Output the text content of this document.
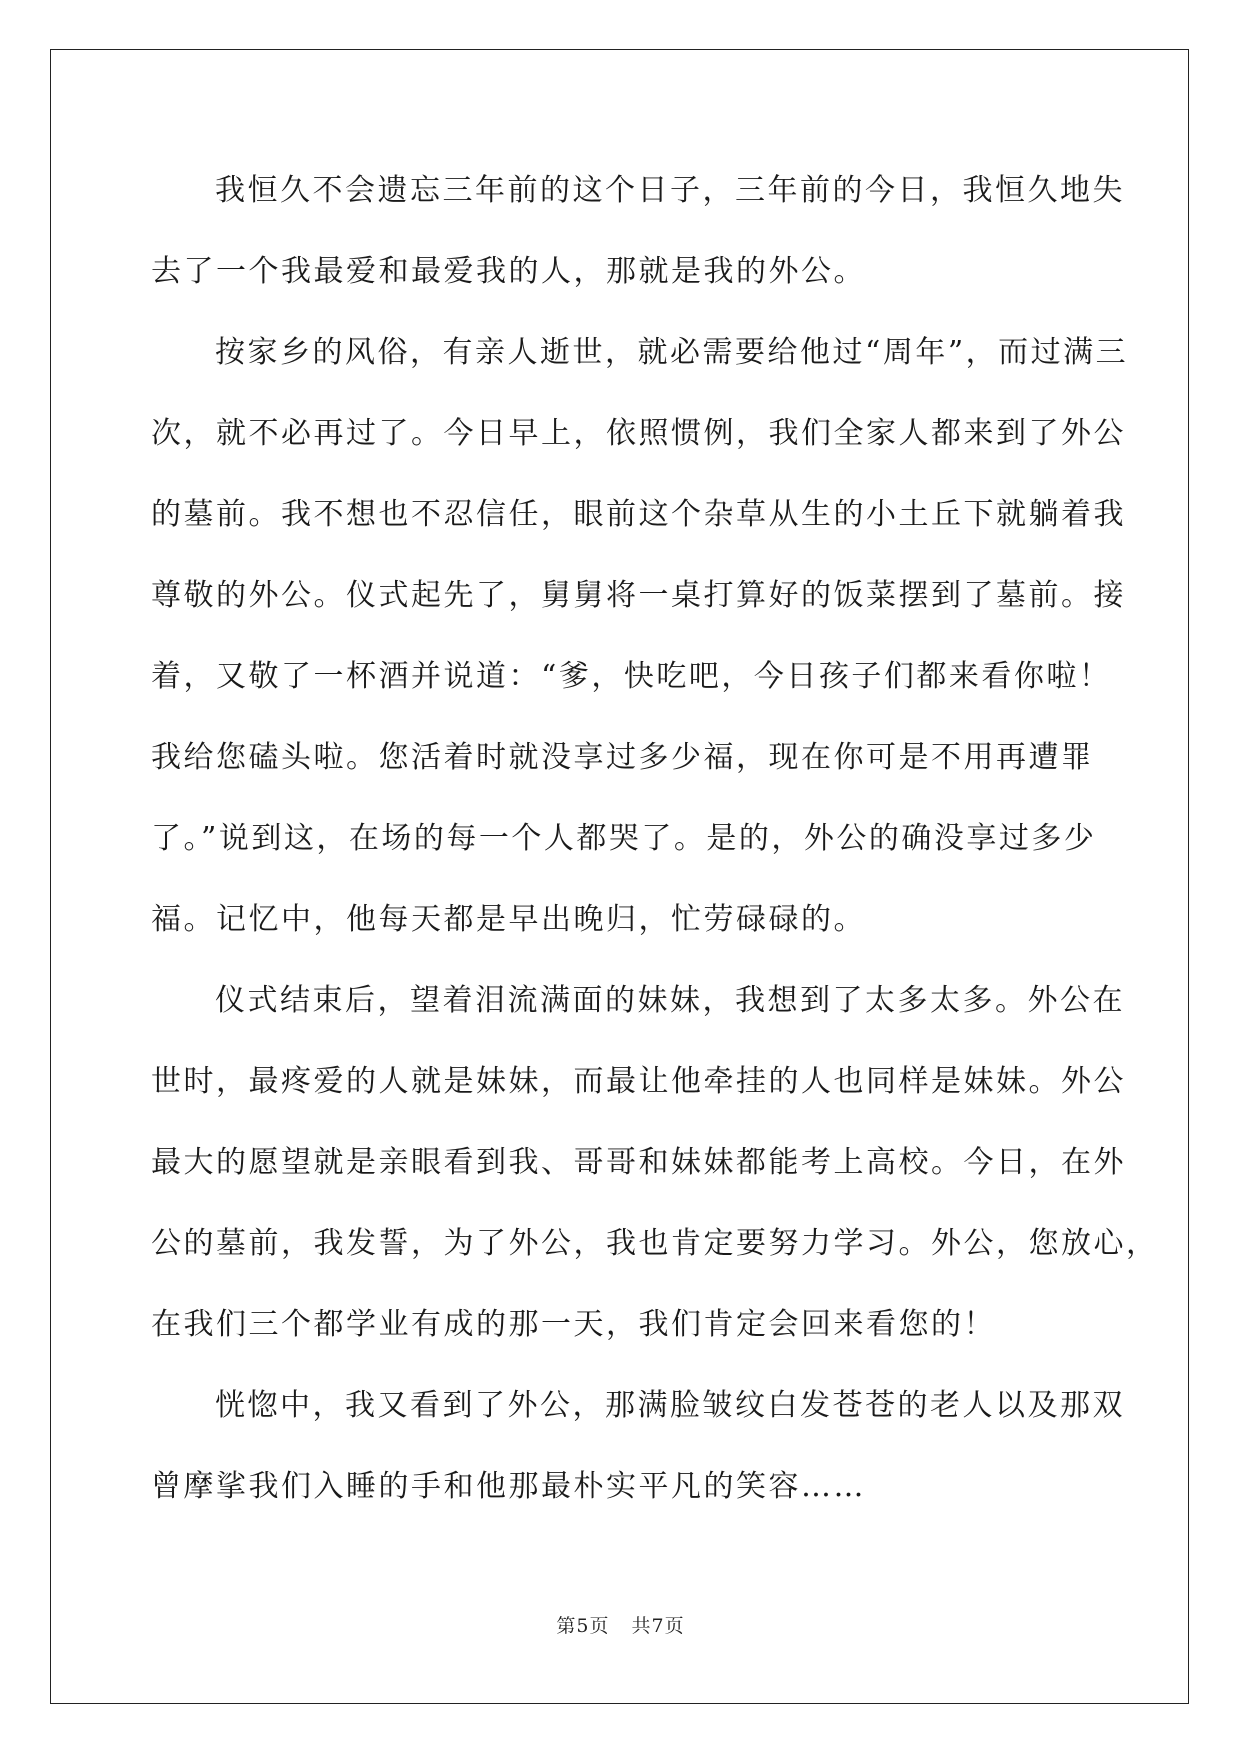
我恒久不会遗忘三年前的这个日子，三年前的今日，我恒久地失
去了一个我最爱和最爱我的人，那就是我的外公。
按家乡的风俗，有亲人逝世，就必需要给他过“周年”，而过满三
次，就不必再过了。今日早上，依照惯例，我们全家人都来到了外公
的墓前。我不想也不忍信任，眼前这个杂草从生的小土丘下就躺着我
尊敬的外公。仪式起先了，舅舅将一桌打算好的饭菜摆到了墓前。接
着，又敬了一杯酒并说道：“爹，快吃吧，今日孩子们都来看你啦！
我给您磕头啦。您活着时就没享过多少福，现在你可是不用再遭罪
了。”说到这，在场的每一个人都哭了。是的，外公的确没享过多少
福。记忆中，他每天都是早出晚归，忙劳碌碌的。
仪式结束后，望着泪流满面的妹妹，我想到了太多太多。外公在
世时，最疼爱的人就是妹妹，而最让他牵挂的人也同样是妹妹。外公
最大的愿望就是亲眼看到我、哥哥和妹妹都能考上高校。今日，在外
公的墓前，我发誓，为了外公，我也肯定要努力学习。外公，您放心，
在我们三个都学业有成的那一天，我们肯定会回来看您的！
恍惚中，我又看到了外公，那满脸皱纹白发苍苍的老人以及那双
曾摩挲我们入睡的手和他那最朴实平凡的笑容……
第5页 共7页
